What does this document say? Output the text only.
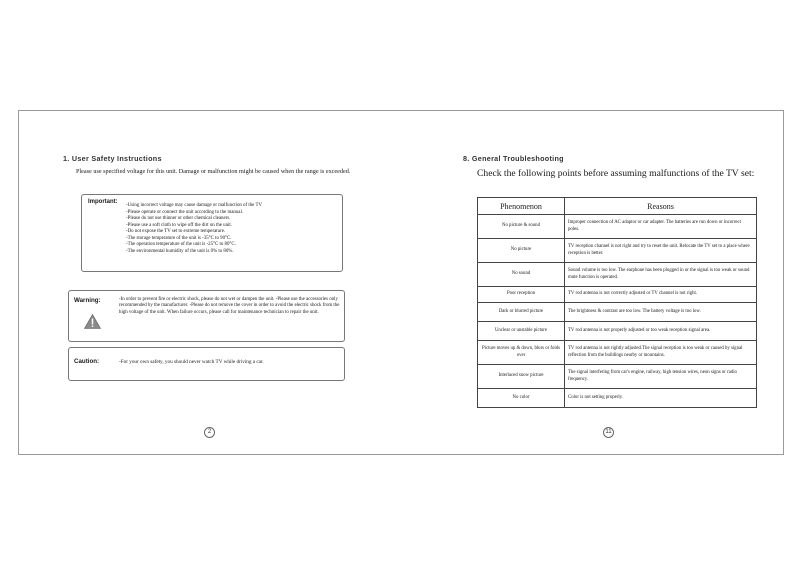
1. User Safety Instructions
Please use specified voltage for this unit. Damage or malfunction might be caused when the range is exceeded.
Important:
-Using incorrect voltage may cause damage or malfunction of the TV
-Please operate or connect the unit according to the manual.
-Please do not use thinner or other chemical cleaners.
-Please use a soft cloth to wipe off the dirt on the unit.
-Do not expose the TV set to extreme temperature.
-The storage temperature of the unit is -35°C to 90°C.
-The operation temperature of the unit is -25°C to 80°C.
-The environmental humidity of the unit is 0% to 80%.
Warning:	-In order to prevent fire or electric shock, please do not wet or dampen the unit. -Please use the accessories only recommended by the manufacturer. -Please do not remove the cover in order to avoid the electric shock from the high voltage of the unit. When failure occurs, please call for maintenance technician to repair the unit.
Caution:	-For your own safety, you should never watch TV while driving a car.
2
8. General Troubleshooting
Check the following points before assuming malfunctions of the TV set:
Phenomenon	Reasons
No picture & sound	Improper connection of AC adaptor or car adapter. The batteries are run down or incorrect poles.
No picture	TV reception channel is not right and try to reset the unit. Relocate the TV set to a place where reception is better.
No sound	Sound volume is too low. The earphone has been plugged in or the signal is too weak or sound mute function is operated.
Poor reception	TV rod antenna is not correctly adjusted or TV channel is not right.
Dark or blurred picture	The brightness & contrast are too low. The battery voltage is too low.
Unclear or unstable picture	TV rod antenna is not properly adjusted or too weak reception signal area.
Picture moves up & down, blurs or folds over	TV rod antenna is not rightly adjusted.The signal reception is too weak or caused by signal reflection from the buildings nearby or mountains.
Interlaced snow picture	The signal interfering from car's engine, railway, high tension wires, neon signs or radio frequency.
No color	Color is not setting properly.
11
